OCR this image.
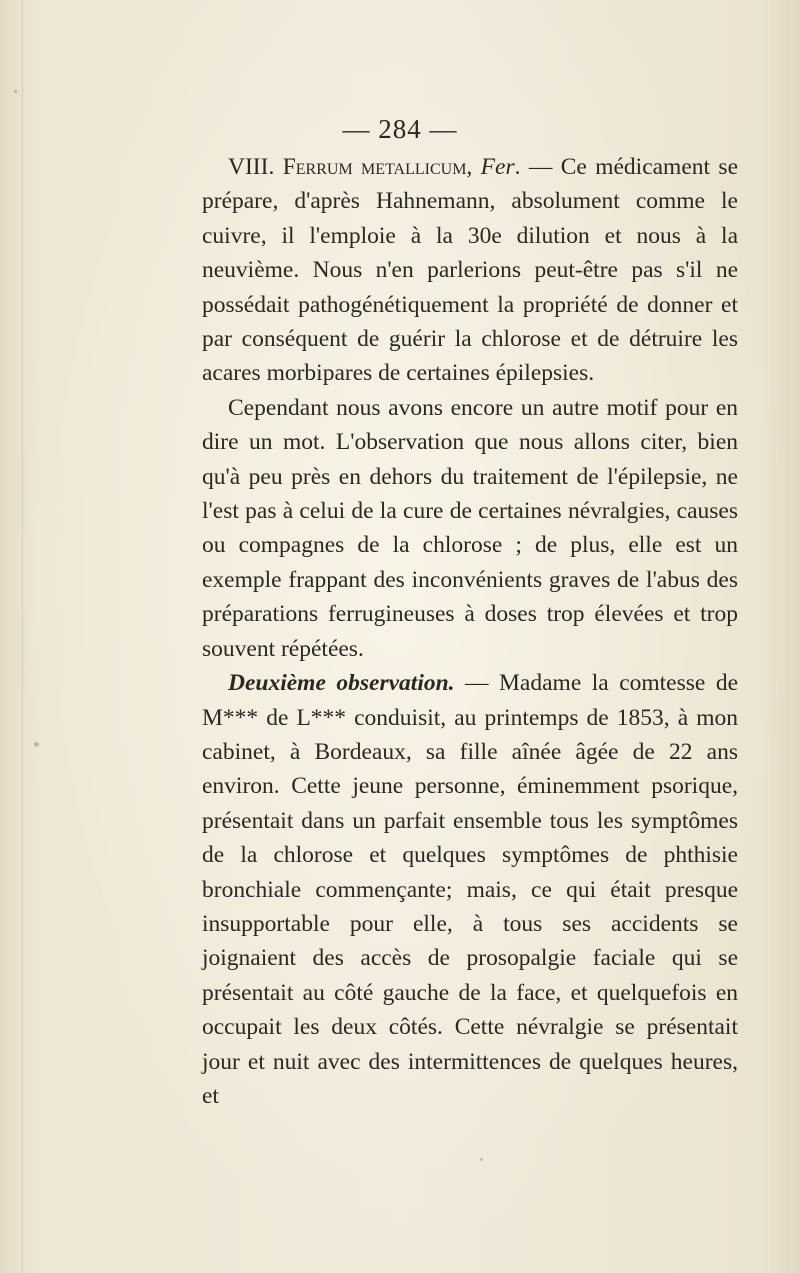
— 284 —

VIII. Ferrum metallicum, Fer. — Ce médicament se prépare, d'après Hahnemann, absolument comme le cuivre, il l'emploie à la 30e dilution et nous à la neuvième. Nous n'en parlerions peut-être pas s'il ne possédait pathogénétiquement la propriété de donner et par conséquent de guérir la chlorose et de détruire les acares morbipares de certaines épilepsies.

Cependant nous avons encore un autre motif pour en dire un mot. L'observation que nous allons citer, bien qu'à peu près en dehors du traitement de l'épilepsie, ne l'est pas à celui de la cure de certaines névralgies, causes ou compagnes de la chlorose ; de plus, elle est un exemple frappant des inconvénients graves de l'abus des préparations ferrugineuses à doses trop élevées et trop souvent répétées.

Deuxième observation. — Madame la comtesse de M*** de L*** conduisit, au printemps de 1853, à mon cabinet, à Bordeaux, sa fille aînée âgée de 22 ans environ. Cette jeune personne, éminemment psorique, présentait dans un parfait ensemble tous les symptômes de la chlorose et quelques symptômes de phthisie bronchiale commençante; mais, ce qui était presque insupportable pour elle, à tous ses accidents se joignaient des accès de prosopalgie faciale qui se présentait au côté gauche de la face, et quelquefois en occupait les deux côtés. Cette névralgie se présentait jour et nuit avec des intermittences de quelques heures, et
